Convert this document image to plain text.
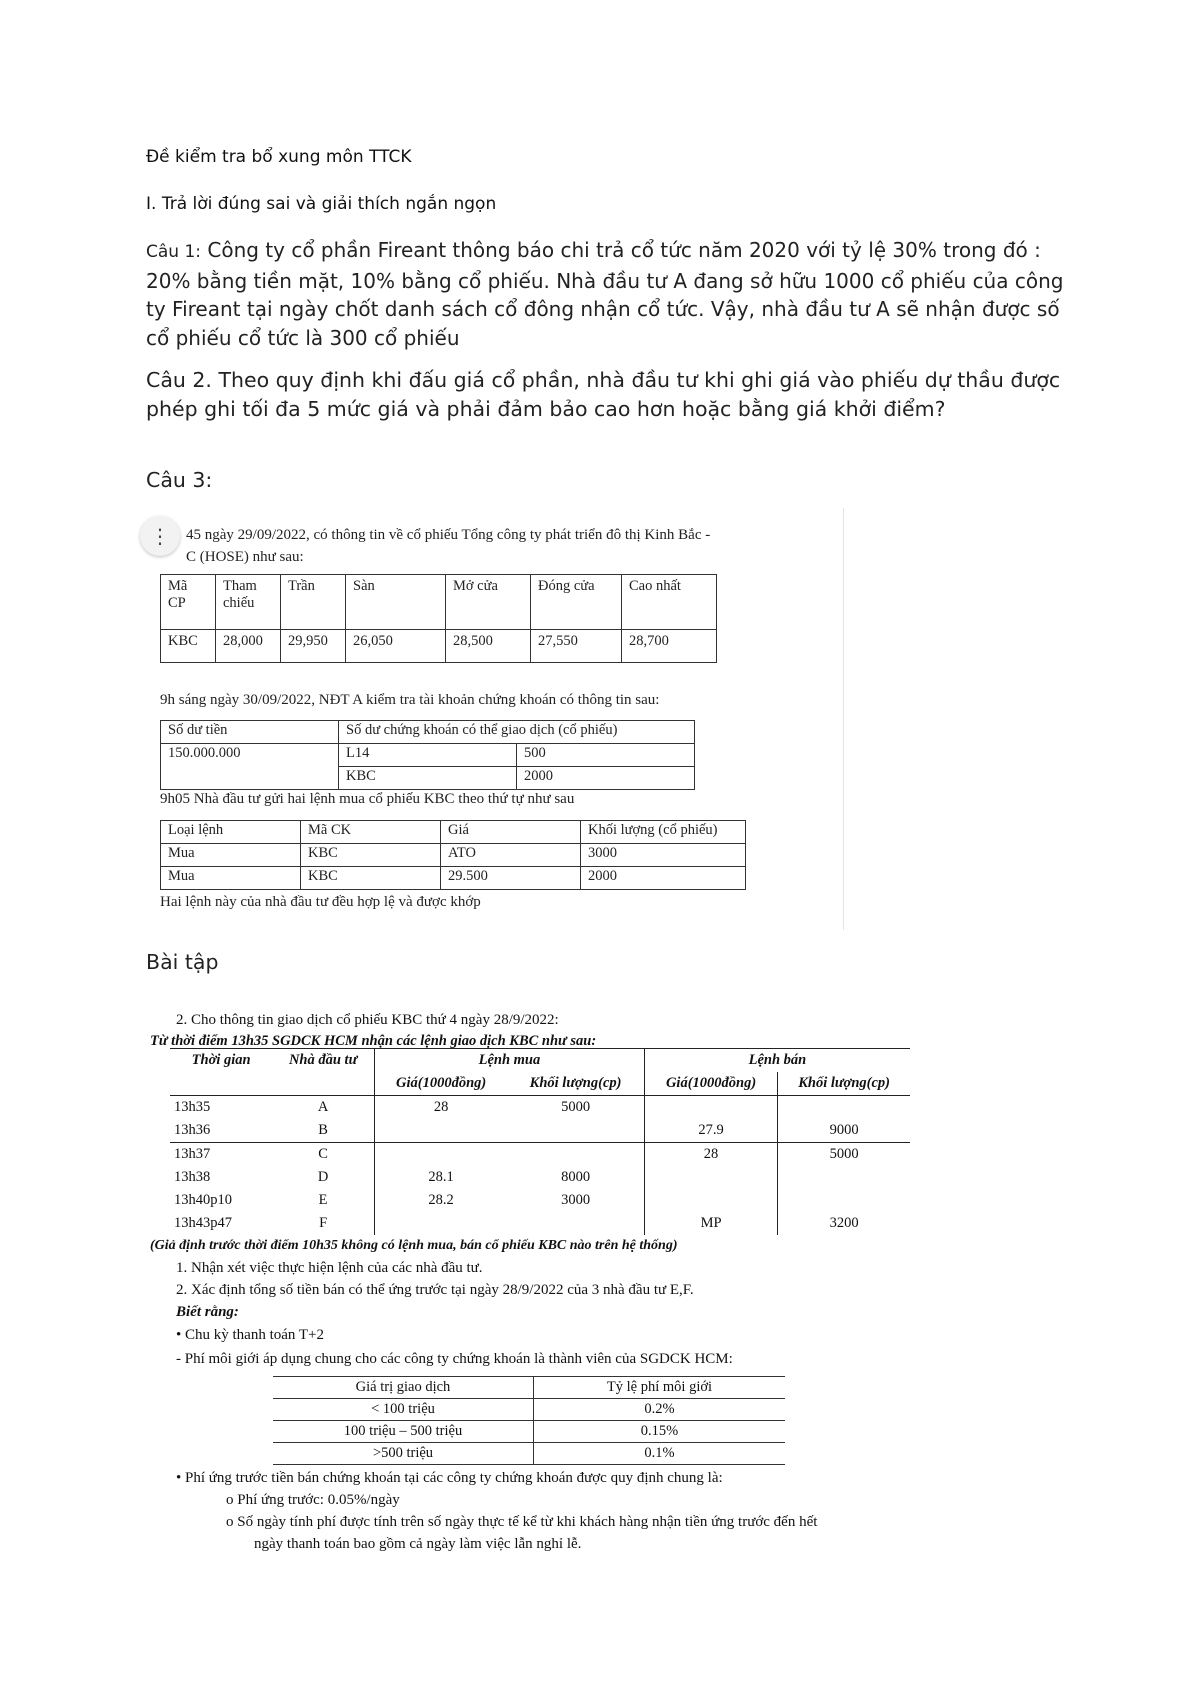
Đề kiểm tra bổ xung môn TTCK
I. Trả lời đúng sai và giải thích ngắn ngọn
Câu 1: Công ty cổ phần Fireant thông báo chi trả cổ tức năm 2020 với tỷ lệ 30% trong đó : 20% bằng tiền mặt, 10% bằng cổ phiếu. Nhà đầu tư A đang sở hữu 1000 cổ phiếu của công ty Fireant tại ngày chốt danh sách cổ đông nhận cổ tức. Vậy, nhà đầu tư A sẽ nhận được số cổ phiếu cổ tức là 300 cổ phiếu
Câu 2. Theo quy định khi đấu giá cổ phần, nhà đầu tư khi ghi giá vào phiếu dự thầu được phép ghi tối đa 5 mức giá và phải đảm bảo cao hơn hoặc bằng giá khởi điểm?
Câu 3:
⋮	45 ngày 29/09/2022, có thông tin về cổ phiếu Tổng công ty phát triển đô thị Kinh Bắc -
C (HOSE) như sau:
Mã CP	Tham chiếu	Trần	Sàn	Mở cửa	Đóng cửa	Cao nhất
KBC	28,000	29,950	26,050	28,500	27,550	28,700
9h sáng ngày 30/09/2022, NĐT A kiểm tra tài khoản chứng khoán có thông tin sau:
Số dư tiền	Số dư chứng khoán có thể giao dịch (cổ phiếu)	
150.000.000	L14	500
	KBC	2000
9h05 Nhà đầu tư gửi hai lệnh mua cổ phiếu KBC theo thứ tự như sau
Loại lệnh	Mã CK	Giá	Khối lượng (cổ phiếu)
Mua	KBC	ATO	3000
Mua	KBC	29.500	2000
Hai lệnh này của nhà đầu tư đều hợp lệ và được khớp
Bài tập
2. Cho thông tin giao dịch cổ phiếu KBC thứ 4 ngày 28/9/2022:
Từ thời điểm 13h35 SGDCK HCM nhận các lệnh giao dịch KBC như sau:
Thời gian	Nhà đầu tư	Lệnh mua		Lệnh bán	
		Giá(1000đồng)	Khối lượng(cp)	Giá(1000đồng)	Khối lượng(cp)
13h35	A	28	5000		
13h36	B			27.9	9000
13h37	C			28	5000
13h38	D	28.1	8000		
13h40p10	E	28.2	3000		
13h43p47	F			MP	3200
(Giả định trước thời điểm 10h35 không có lệnh mua, bán cổ phiếu KBC nào trên hệ thống)
1. Nhận xét việc thực hiện lệnh của các nhà đầu tư.
2. Xác định tổng số tiền bán có thể ứng trước tại ngày 28/9/2022 của 3 nhà đầu tư E,F.
Biết rằng:
• Chu kỳ thanh toán T+2
- Phí môi giới áp dụng chung cho các công ty chứng khoán là thành viên của SGDCK HCM:
Giá trị giao dịch	Tỷ lệ phí môi giới
< 100 triệu	0.2%
100 triệu – 500 triệu	0.15%
>500 triệu	0.1%
• Phí ứng trước tiền bán chứng khoán tại các công ty chứng khoán được quy định chung là:
o Phí ứng trước: 0.05%/ngày
o Số ngày tính phí được tính trên số ngày thực tế kể từ khi khách hàng nhận tiền ứng trước đến hết
ngày thanh toán bao gồm cả ngày làm việc lẫn nghỉ lễ.
